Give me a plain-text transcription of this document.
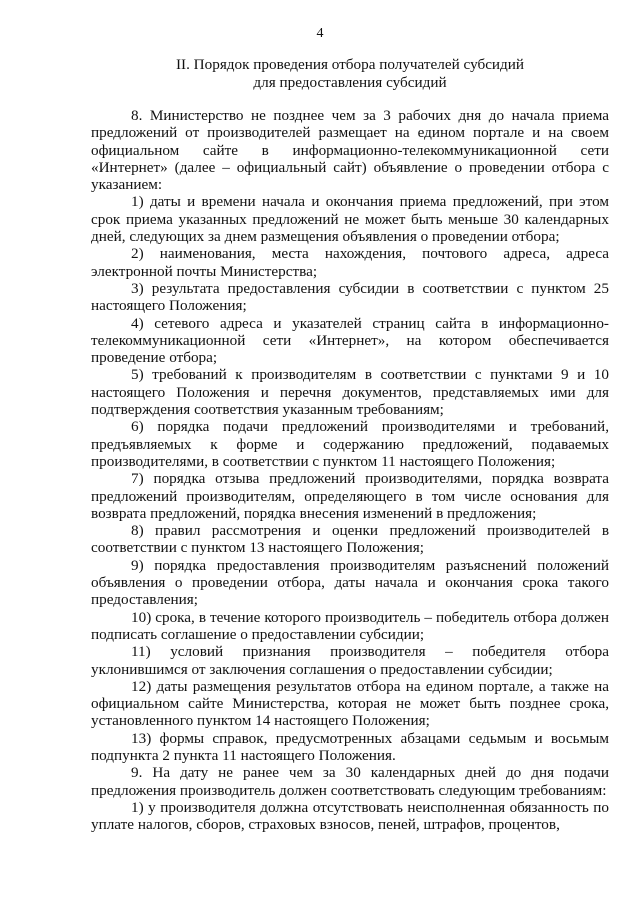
4
II. Порядок проведения отбора получателей субсидий
для предоставления субсидий

8. Министерство не позднее чем за 3 рабочих дня до начала приема предложений от производителей размещает на едином портале и на своем официальном сайте в информационно-телекоммуникационной сети «Интернет» (далее – официальный сайт) объявление о проведении отбора с указанием:

1) даты и времени начала и окончания приема предложений, при этом срок приема указанных предложений не может быть меньше 30 календарных дней, следующих за днем размещения объявления о проведении отбора;

2) наименования, места нахождения, почтового адреса, адреса электронной почты Министерства;

3) результата предоставления субсидии в соответствии с пунктом 25 настоящего Положения;

4) сетевого адреса и указателей страниц сайта в информационно-телекоммуникационной сети «Интернет», на котором обеспечивается проведение отбора;

5) требований к производителям в соответствии с пунктами 9 и 10 настоящего Положения и перечня документов, представляемых ими для подтверждения соответствия указанным требованиям;

6) порядка подачи предложений производителями и требований, предъявляемых к форме и содержанию предложений, подаваемых производителями, в соответствии с пунктом 11 настоящего Положения;

7) порядка отзыва предложений производителями, порядка возврата предложений производителям, определяющего в том числе основания для возврата предложений, порядка внесения изменений в предложения;

8) правил рассмотрения и оценки предложений производителей в соответствии с пунктом 13 настоящего Положения;

9) порядка предоставления производителям разъяснений положений объявления о проведении отбора, даты начала и окончания срока такого предоставления;

10) срока, в течение которого производитель – победитель отбора должен подписать соглашение о предоставлении субсидии;

11) условий признания производителя – победителя отбора уклонившимся от заключения соглашения о предоставлении субсидии;

12) даты размещения результатов отбора на едином портале, а также на официальном сайте Министерства, которая не может быть позднее срока, установленного пунктом 14 настоящего Положения;

13) формы справок, предусмотренных абзацами седьмым и восьмым подпункта 2 пункта 11 настоящего Положения.

9. На дату не ранее чем за 30 календарных дней до дня подачи предложения производитель должен соответствовать следующим требованиям:

1) у производителя должна отсутствовать неисполненная обязанность по уплате налогов, сборов, страховых взносов, пеней, штрафов, процентов,
